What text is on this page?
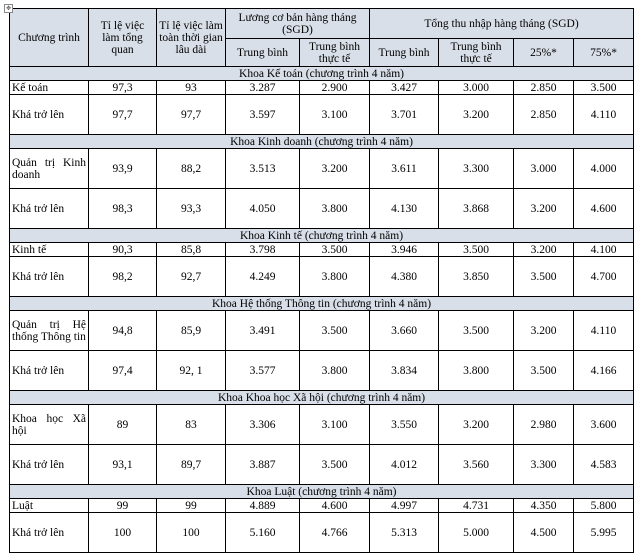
✥
Chương trình	Tỉ lệ việc làm tổng quan	Tỉ lệ việc làm toàn thời gian lâu dài	Lương cơ bản hàng tháng (SGD)		Tổng thu nhập hàng tháng (SGD)			
			Trung bình	Trung bình thực tế	Trung bình	Trung bình thực tế	25%*	75%*
Khoa Kế toán (chương trình 4 năm)								
Kế toán	97,3	93	3.287	2.900	3.427	3.000	2.850	3.500
Khá trở lên	97,7	97,7	3.597	3.100	3.701	3.200	2.850	4.110
Khoa Kinh doanh (chương trình 4 năm)								
Quản trị Kinh doanh	93,9	88,2	3.513	3.200	3.611	3.300	3.000	4.000
Khá trở lên	98,3	93,3	4.050	3.800	4.130	3.868	3.200	4.600
Khoa Kinh tế (chương trình 4 năm)								
Kinh tế	90,3	85,8	3.798	3.500	3.946	3.500	3.200	4.100
Khá trở lên	98,2	92,7	4.249	3.800	4.380	3.850	3.500	4.700
Khoa Hệ thống Thông tin (chương trình 4 năm)								
Quản trị Hệ thống Thông tin	94,8	85,9	3.491	3.500	3.660	3.500	3.200	4.110
Khá trở lên	97,4	92, 1	3.577	3.800	3.834	3.800	3.500	4.166
Khoa Khoa học Xã hội (chương trình 4 năm)								
Khoa học Xã hội	89	83	3.306	3.100	3.550	3.200	2.980	3.600
Khá trở lên	93,1	89,7	3.887	3.500	4.012	3.560	3.300	4.583
Khoa Luật (chương trình 4 năm)								
Luật	99	99	4.889	4.600	4.997	4.731	4.350	5.800
Khá trở lên	100	100	5.160	4.766	5.313	5.000	4.500	5.995
